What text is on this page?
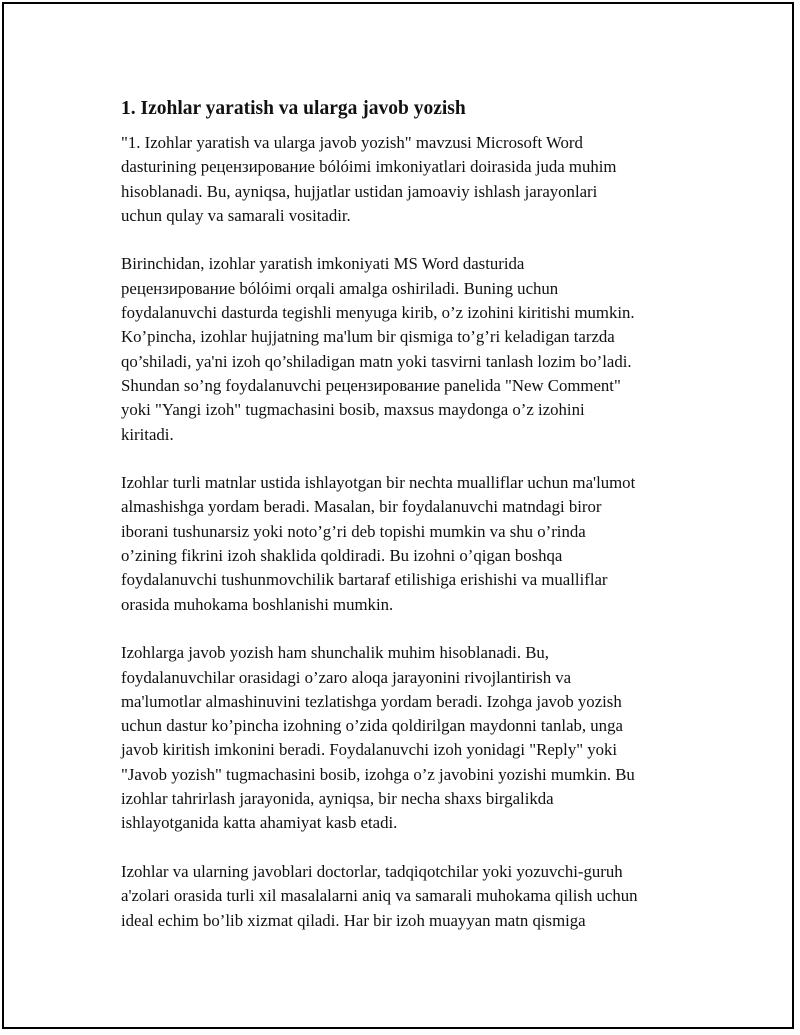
1. Izohlar yaratish va ularga javob yozish

"1. Izohlar yaratish va ularga javob yozish" mavzusi Microsoft Word
dasturining рецензирование bólóimi imkoniyatlari doirasida juda muhim
hisoblanadi. Bu, ayniqsa, hujjatlar ustidan jamoaviy ishlash jarayonlari
uchun qulay va samarali vositadir.

Birinchidan, izohlar yaratish imkoniyati MS Word dasturida
рецензирование bólóimi orqali amalga oshiriladi. Buning uchun
foydalanuvchi dasturda tegishli menyuga kirib, o’z izohini kiritishi mumkin.
Ko’pincha, izohlar hujjatning ma'lum bir qismiga to’g’ri keladigan tarzda
qo’shiladi, ya'ni izoh qo’shiladigan matn yoki tasvirni tanlash lozim bo’ladi.
Shundan so’ng foydalanuvchi рецензирование panelida "New Comment"
yoki "Yangi izoh" tugmachasini bosib, maxsus maydonga o’z izohini
kiritadi.

Izohlar turli matnlar ustida ishlayotgan bir nechta mualliflar uchun ma'lumot
almashishga yordam beradi. Masalan, bir foydalanuvchi matndagi biror
iborani tushunarsiz yoki noto’g’ri deb topishi mumkin va shu o’rinda
o’zining fikrini izoh shaklida qoldiradi. Bu izohni o’qigan boshqa
foydalanuvchi tushunmovchilik bartaraf etilishiga erishishi va mualliflar
orasida muhokama boshlanishi mumkin.

Izohlarga javob yozish ham shunchalik muhim hisoblanadi. Bu,
foydalanuvchilar orasidagi o’zaro aloqa jarayonini rivojlantirish va
ma'lumotlar almashinuvini tezlatishga yordam beradi. Izohga javob yozish
uchun dastur ko’pincha izohning o’zida qoldirilgan maydonni tanlab, unga
javob kiritish imkonini beradi. Foydalanuvchi izoh yonidagi "Reply" yoki
"Javob yozish" tugmachasini bosib, izohga o’z javobini yozishi mumkin. Bu
izohlar tahrirlash jarayonida, ayniqsa, bir necha shaxs birgalikda
ishlayotganida katta ahamiyat kasb etadi.

Izohlar va ularning javoblari doctorlar, tadqiqotchilar yoki yozuvchi-guruh
a'zolari orasida turli xil masalalarni aniq va samarali muhokama qilish uchun
ideal echim bo’lib xizmat qiladi. Har bir izoh muayyan matn qismiga
